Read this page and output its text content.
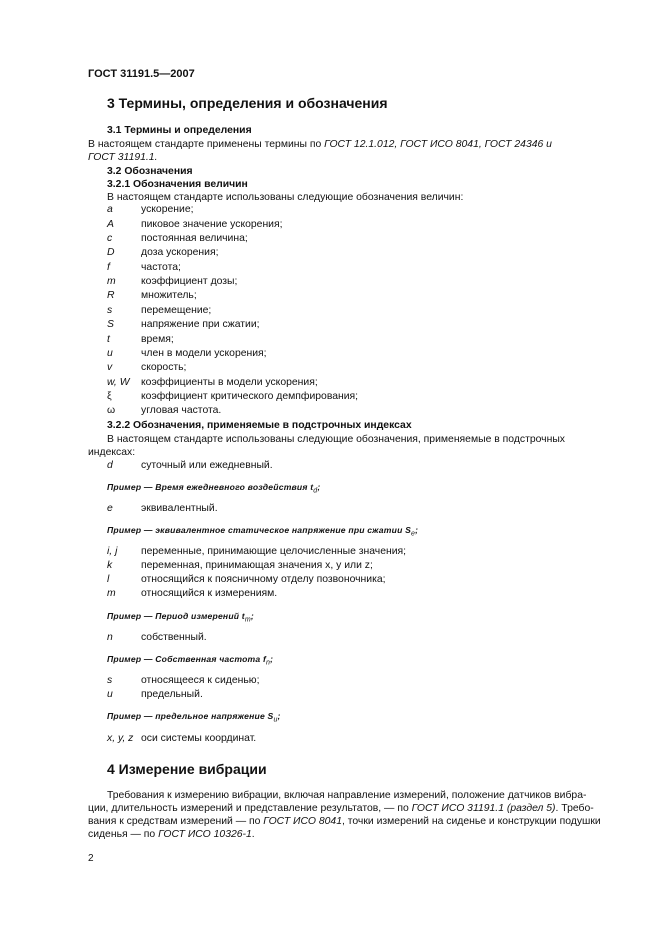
ГОСТ 31191.5—2007
3 Термины, определения и обозначения
3.1 Термины и определения
В настоящем стандарте применены термины по ГОСТ 12.1.012, ГОСТ ИСО 8041, ГОСТ 24346 и
ГОСТ 31191.1.
3.2 Обозначения
3.2.1 Обозначения величин
В настоящем стандарте использованы следующие обозначения величин:
a	ускорение;
A	пиковое значение ускорения;
c	постоянная величина;
D	доза ускорения;
f	частота;
m коэффициент дозы;
R	множитель;
s	перемещение;
S	напряжение при сжатии;
t	время;
u	член в модели ускорения;
v	скорость;
w, W коэффициенты в модели ускорения;
ξ	коэффициент критического демпфирования;
ω угловая частота.
3.2.2 Обозначения, применяемые в подстрочных индексах
В настоящем стандарте использованы следующие обозначения, применяемые в подстрочных
индексах:
d	суточный или ежедневный.
Пример — Время ежедневного воздействия $t_d$;
e	эквивалентный.
Пример — эквивалентное статическое напряжение при сжатии $S_e$;
i, j переменные, принимающие целочисленные значения;
k	переменная, принимающая значения x, y или z;
l	относящийся к поясничному отделу позвоночника;
m относящийся к измерениям.
Пример — Период измерений $t_m$;
n	собственный.
Пример — Собственная частота $f_n$;
s	относящееся к сиденью;
u	предельный.
Пример — предельное напряжение $S_u$;
x, y, z оси системы координат.
4 Измерение вибрации
Требования к измерению вибрации, включая направление измерений, положение датчиков вибра-
ции, длительность измерений и представление результатов, — по ГОСТ ИСО 31191.1 (раздел 5). Требо-
вания к средствам измерений — по ГОСТ ИСО 8041, точки измерений на сиденье и конструкции подушки
сиденья — по ГОСТ ИСО 10326-1.
2
